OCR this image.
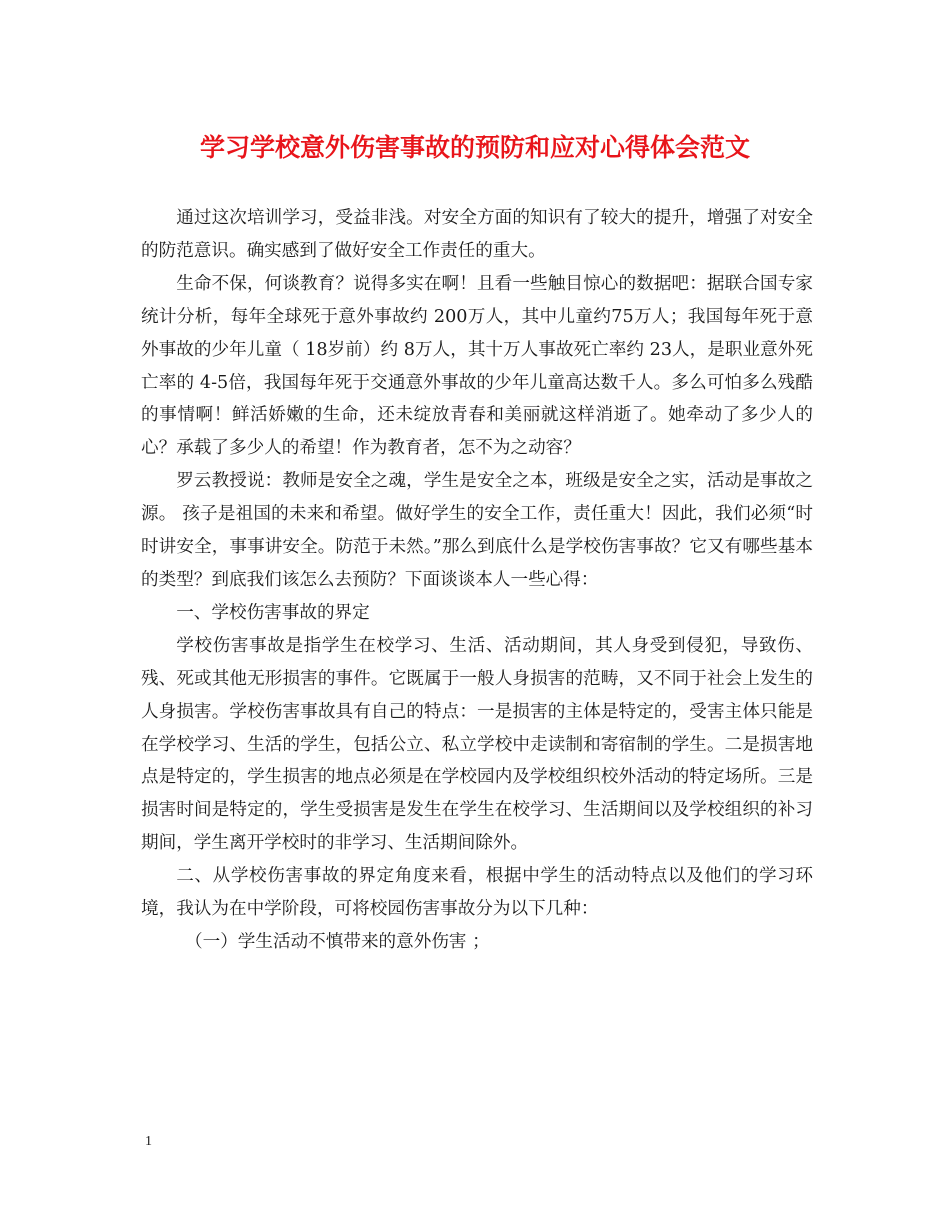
学习学校意外伤害事故的预防和应对心得体会范文

通过这次培训学习，受益非浅。对安全方面的知识有了较大的提升，增强了对安全的防范意识。确实感到了做好安全工作责任的重大。

生命不保，何谈教育？说得多实在啊！且看一些触目惊心的数据吧：据联合国专家统计分析，每年全球死于意外事故约 200万人，其中儿童约75万人；我国每年死于意外事故的少年儿童（ 18岁前）约 8万人，其十万人事故死亡率约 23人，是职业意外死亡率的 4-5倍，我国每年死于交通意外事故的少年儿童高达数千人。多么可怕多么残酷的事情啊！鲜活娇嫩的生命，还未绽放青春和美丽就这样消逝了。她牵动了多少人的心？承载了多少人的希望！作为教育者，怎不为之动容？

罗云教授说：教师是安全之魂，学生是安全之本，班级是安全之实，活动是事故之源。 孩子是祖国的未来和希望。做好学生的安全工作，责任重大！因此，我们必须“时时讲安全，事事讲安全。防范于未然。”那么到底什么是学校伤害事故？它又有哪些基本的类型？到底我们该怎么去预防？下面谈谈本人一些心得：

一、学校伤害事故的界定

学校伤害事故是指学生在校学习、生活、活动期间，其人身受到侵犯，导致伤、残、死或其他无形损害的事件。它既属于一般人身损害的范畴，又不同于社会上发生的人身损害。学校伤害事故具有自己的特点：一是损害的主体是特定的，受害主体只能是在学校学习、生活的学生，包括公立、私立学校中走读制和寄宿制的学生。二是损害地点是特定的，学生损害的地点必须是在学校园内及学校组织校外活动的特定场所。三是损害时间是特定的，学生受损害是发生在学生在校学习、生活期间以及学校组织的补习期间，学生离开学校时的非学习、生活期间除外。

二、从学校伤害事故的界定角度来看，根据中学生的活动特点以及他们的学习环境，我认为在中学阶段，可将校园伤害事故分为以下几种：

（一）学生活动不慎带来的意外伤害 ；

1
